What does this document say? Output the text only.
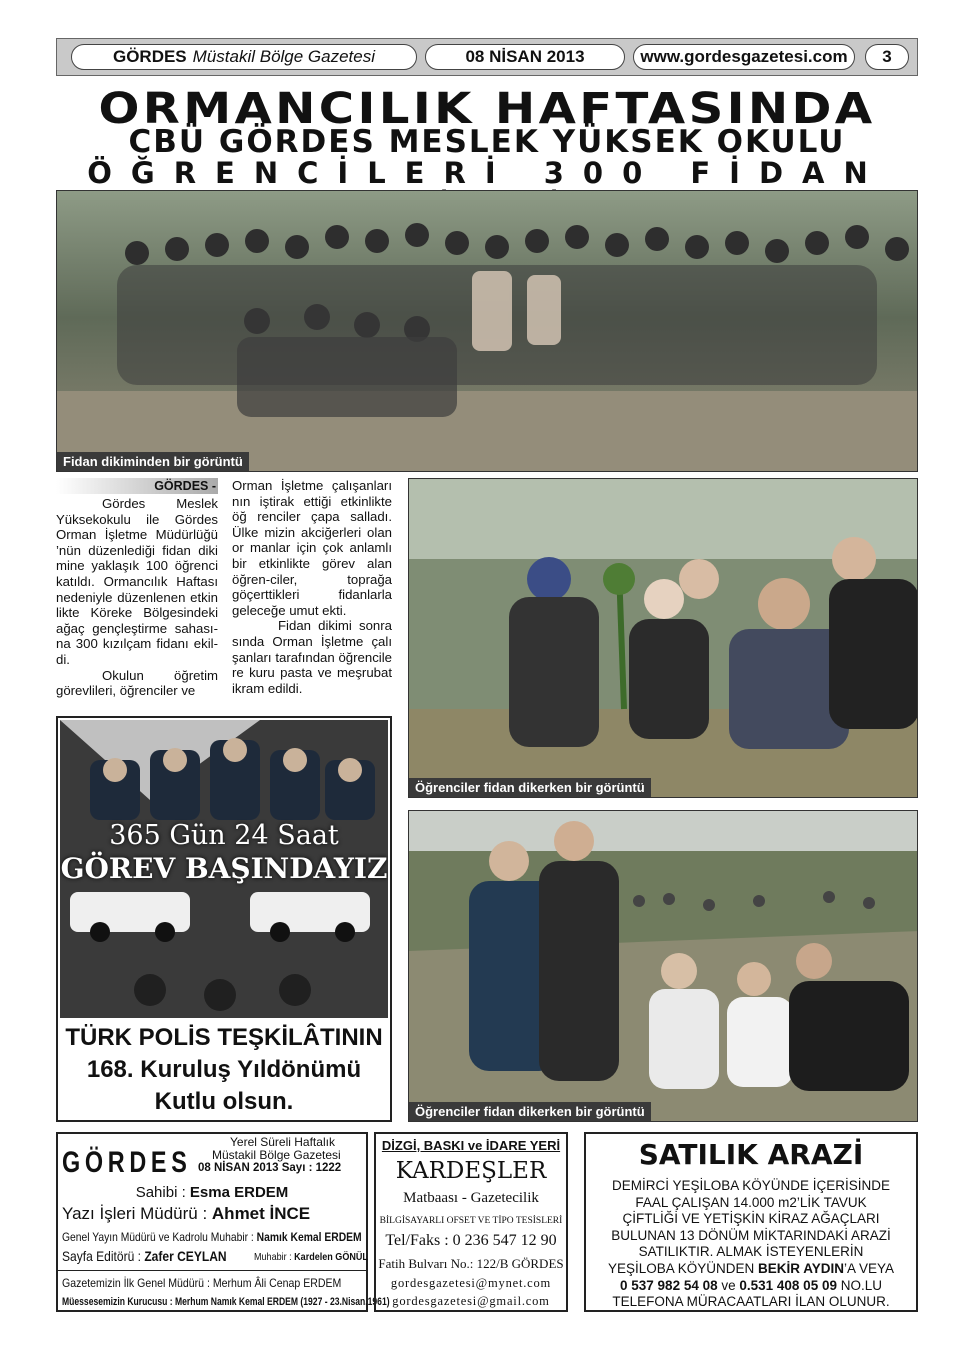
GÖRDES Müstakil Bölge Gazetesi	08 NİSAN 2013	www.gordesgazetesi.com	3
ORMANCILIK HAFTASINDA
CBÜ GÖRDES MESLEK YÜKSEK OKULU
ÖĞRENCİLERİ 300 FİDAN
Fidan dikiminden bir görüntü
GÖRDES -

Gördes Meslek Yüksekokulu ile Gördes Orman İşletme Müdürlüğü ’nün düzenlediği fidan diki mine yaklaşık 100 öğrenci katıldı. Ormancılık Haftası nedeniyle düzenlenen etkin likte Köreke Bölgesindeki ağaç gençleştirme sahası-na 300 kızılçam fidanı ekil-di.

Okulun öğretim görevlileri, öğrenciler ve

Orman İşletme çalışanları nın iştirak ettiği etkinlikte öğ renciler çapa salladı. Ülke mizin akciğerleri olan or manlar için çok anlamlı bir etkinlikte görev alan öğren-ciler, toprağa göçerttikleri fidanlarla geleceğe umut ekti.

Fidan dikimi sonra sında Orman İşletme çalı şanları tarafından öğrencile re kuru pasta ve meşrubat ikram edildi.

Öğrenciler fidan dikerken bir görüntü
365 Gün 24 Saat
GÖREV BAŞINDAYIZ
TÜRK POLİS TEŞKİLÂTININ
168. Kuruluş Yıldönümü
Kutlu olsun.	Öğrenciler fidan dikerken bir görüntü
GÖRDES
Yerel Süreli Haftalık
Müstakil Bölge Gazetesi
08 NİSAN 2013 Sayı : 1222
Sahibi : Esma ERDEM
Yazı İşleri Müdürü : Ahmet İNCE
Genel Yayın Müdürü ve Kadrolu Muhabir : Namık Kemal ERDEM
Sayfa Editörü : Zafer CEYLAN	Muhabir : Kardelen GÖNÜL
Gazetemizin İlk Genel Müdürü : Merhum Âli Cenap ERDEM
Müessesemizin Kurucusu : Merhum Namık Kemal ERDEM (1927 - 23.Nisan.1961)
DİZGİ, BASKI ve İDARE YERİ
KARDEŞLER
Matbaası - Gazetecilik
BİLGİSAYARLI OFSET VE TİPO TESİSLERİ
Tel/Faks : 0 236 547 12 90
Fatih Bulvarı No.: 122/B GÖRDES
gordesgazetesi@mynet.com
gordesgazetesi@gmail.com
SATILIK ARAZİ
DEMİRCİ YEŞİLOBA KÖYÜNDE İÇERİSİNDE
FAAL ÇALIŞAN 14.000 m2’LİK TAVUK
ÇİFTLİĞİ VE YETİŞKİN KİRAZ AĞAÇLARI
BULUNAN 13 DÖNÜM MİKTARINDAKİ ARAZİ
SATILIKTIR. ALMAK İSTEYENLERİN
YEŞİLOBA KÖYÜNDEN BEKİR AYDIN’A VEYA
0 537 982 54 08 ve 0.531 408 05 09 NO.LU
TELEFONA MÜRACAATLARI İLAN OLUNUR.
